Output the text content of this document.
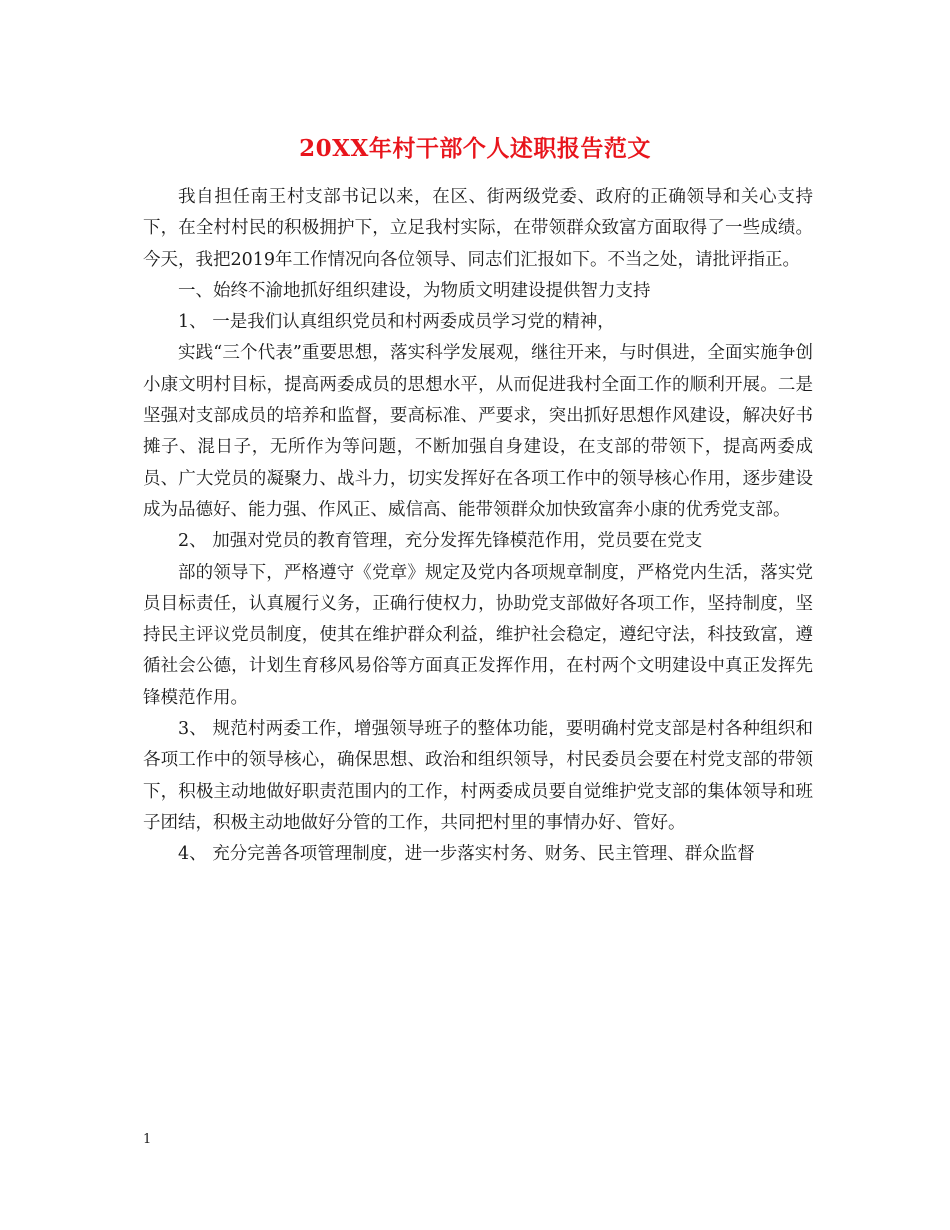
20XX年村干部个人述职报告范文

我自担任南王村支部书记以来，在区、街两级党委、政府的正确领导和关心支持下，在全村村民的积极拥护下，立足我村实际，在带领群众致富方面取得了一些成绩。今天，我把2019年工作情况向各位领导、同志们汇报如下。不当之处，请批评指正。

一、始终不渝地抓好组织建设，为物质文明建设提供智力支持

1、 一是我们认真组织党员和村两委成员学习党的精神，

实践“三个代表”重要思想，落实科学发展观，继往开来，与时俱进，全面实施争创小康文明村目标，提高两委成员的思想水平，从而促进我村全面工作的顺利开展。二是坚强对支部成员的培养和监督，要高标准、严要求，突出抓好思想作风建设，解决好书摊子、混日子，无所作为等问题，不断加强自身建设，在支部的带领下，提高两委成员、广大党员的凝聚力、战斗力，切实发挥好在各项工作中的领导核心作用，逐步建设成为品德好、能力强、作风正、威信高、能带领群众加快致富奔小康的优秀党支部。

2、 加强对党员的教育管理，充分发挥先锋模范作用，党员要在党支

部的领导下，严格遵守《党章》规定及党内各项规章制度，严格党内生活，落实党员目标责任，认真履行义务，正确行使权力，协助党支部做好各项工作，坚持制度，坚持民主评议党员制度，使其在维护群众利益，维护社会稳定，遵纪守法，科技致富，遵循社会公德，计划生育移风易俗等方面真正发挥作用，在村两个文明建设中真正发挥先锋模范作用。

3、 规范村两委工作，增强领导班子的整体功能，要明确村党支部是村各种组织和各项工作中的领导核心，确保思想、政治和组织领导，村民委员会要在村党支部的带领下，积极主动地做好职责范围内的工作，村两委成员要自觉维护党支部的集体领导和班子团结，积极主动地做好分管的工作，共同把村里的事情办好、管好。

4、 充分完善各项管理制度，进一步落实村务、财务、民主管理、群众监督

1
